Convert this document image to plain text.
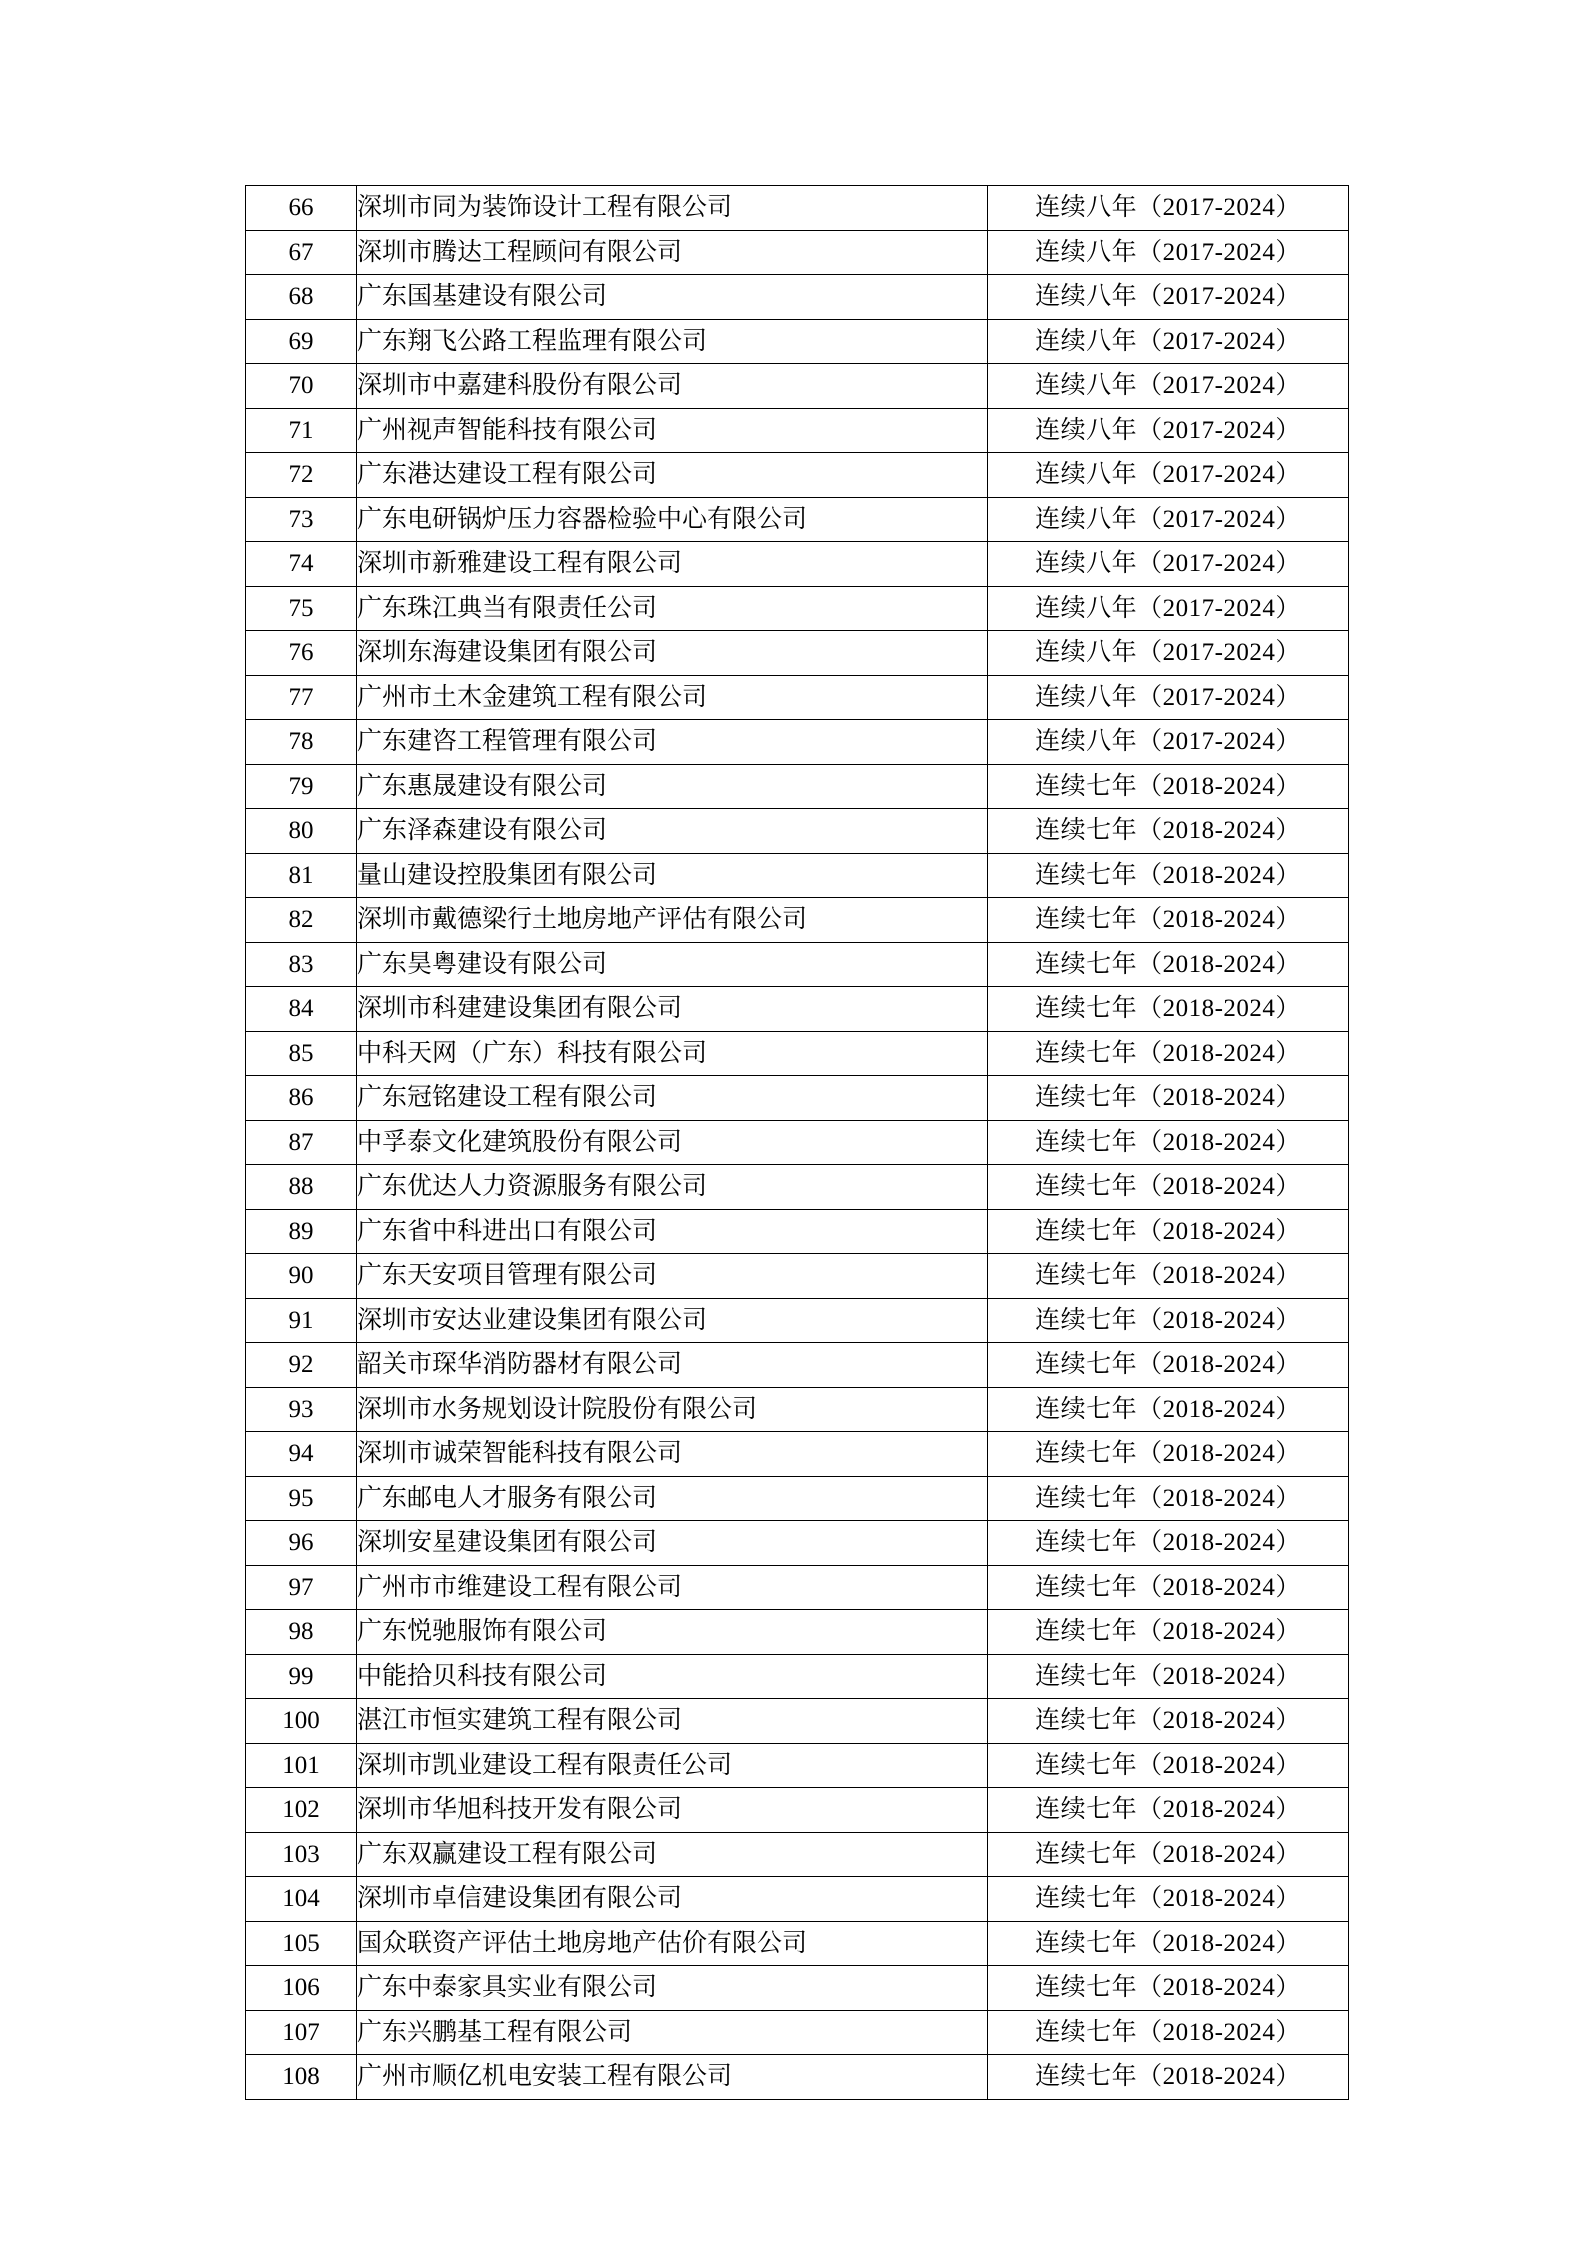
66	深圳市同为装饰设计工程有限公司	连续八年（2017-2024）
67	深圳市腾达工程顾问有限公司	连续八年（2017-2024）
68	广东国基建设有限公司	连续八年（2017-2024）
69	广东翔飞公路工程监理有限公司	连续八年（2017-2024）
70	深圳市中嘉建科股份有限公司	连续八年（2017-2024）
71	广州视声智能科技有限公司	连续八年（2017-2024）
72	广东港达建设工程有限公司	连续八年（2017-2024）
73	广东电研锅炉压力容器检验中心有限公司	连续八年（2017-2024）
74	深圳市新雅建设工程有限公司	连续八年（2017-2024）
75	广东珠江典当有限责任公司	连续八年（2017-2024）
76	深圳东海建设集团有限公司	连续八年（2017-2024）
77	广州市土木金建筑工程有限公司	连续八年（2017-2024）
78	广东建咨工程管理有限公司	连续八年（2017-2024）
79	广东惠晟建设有限公司	连续七年（2018-2024）
80	广东泽森建设有限公司	连续七年（2018-2024）
81	量山建设控股集团有限公司	连续七年（2018-2024）
82	深圳市戴德梁行土地房地产评估有限公司	连续七年（2018-2024）
83	广东昊粤建设有限公司	连续七年（2018-2024）
84	深圳市科建建设集团有限公司	连续七年（2018-2024）
85	中科天网（广东）科技有限公司	连续七年（2018-2024）
86	广东冠铭建设工程有限公司	连续七年（2018-2024）
87	中孚泰文化建筑股份有限公司	连续七年（2018-2024）
88	广东优达人力资源服务有限公司	连续七年（2018-2024）
89	广东省中科进出口有限公司	连续七年（2018-2024）
90	广东天安项目管理有限公司	连续七年（2018-2024）
91	深圳市安达业建设集团有限公司	连续七年（2018-2024）
92	韶关市琛华消防器材有限公司	连续七年（2018-2024）
93	深圳市水务规划设计院股份有限公司	连续七年（2018-2024）
94	深圳市诚荣智能科技有限公司	连续七年（2018-2024）
95	广东邮电人才服务有限公司	连续七年（2018-2024）
96	深圳安星建设集团有限公司	连续七年（2018-2024）
97	广州市市维建设工程有限公司	连续七年（2018-2024）
98	广东悦驰服饰有限公司	连续七年（2018-2024）
99	中能拾贝科技有限公司	连续七年（2018-2024）
100	湛江市恒实建筑工程有限公司	连续七年（2018-2024）
101	深圳市凯业建设工程有限责任公司	连续七年（2018-2024）
102	深圳市华旭科技开发有限公司	连续七年（2018-2024）
103	广东双赢建设工程有限公司	连续七年（2018-2024）
104	深圳市卓信建设集团有限公司	连续七年（2018-2024）
105	国众联资产评估土地房地产估价有限公司	连续七年（2018-2024）
106	广东中泰家具实业有限公司	连续七年（2018-2024）
107	广东兴鹏基工程有限公司	连续七年（2018-2024）
108	广州市顺亿机电安装工程有限公司	连续七年（2018-2024）
